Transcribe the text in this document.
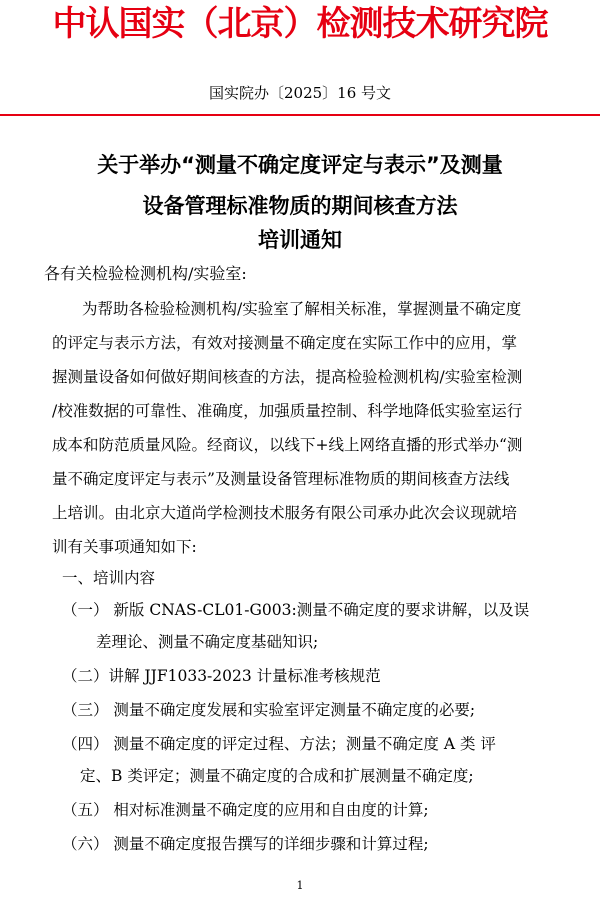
中认国实（北京）检测技术研究院
国实院办〔2025〕16 号文
关于举办“测量不确定度评定与表示”及测量
设备管理标准物质的期间核查方法
培训通知
各有关检验检测机构/实验室:
为帮助各检验检测机构/实验室了解相关标准，掌握测量不确定度
的评定与表示方法，有效对接测量不确定度在实际工作中的应用，掌
握测量设备如何做好期间核查的方法，提高检验检测机构/实验室检测
/校准数据的可靠性、准确度，加强质量控制、科学地降低实验室运行
成本和防范质量风险。经商议，以线下+线上网络直播的形式举办“测
量不确定度评定与表示”及测量设备管理标准物质的期间核查方法线
上培训。由北京大道尚学检测技术服务有限公司承办此次会议现就培
训有关事项通知如下:
一、培训内容
（一） 新版 CNAS-CL01-G003:测量不确定度的要求讲解，以及误
差理论、测量不确定度基础知识;
（二）讲解 JJF1033-2023 计量标准考核规范
（三） 测量不确定度发展和实验室评定测量不确定度的必要;
（四） 测量不确定度的评定过程、方法；测量不确定度 A 类 评
定、B 类评定；测量不确定度的合成和扩展测量不确定度;
（五） 相对标准测量不确定度的应用和自由度的计算;
（六） 测量不确定度报告撰写的详细步骤和计算过程;
1
